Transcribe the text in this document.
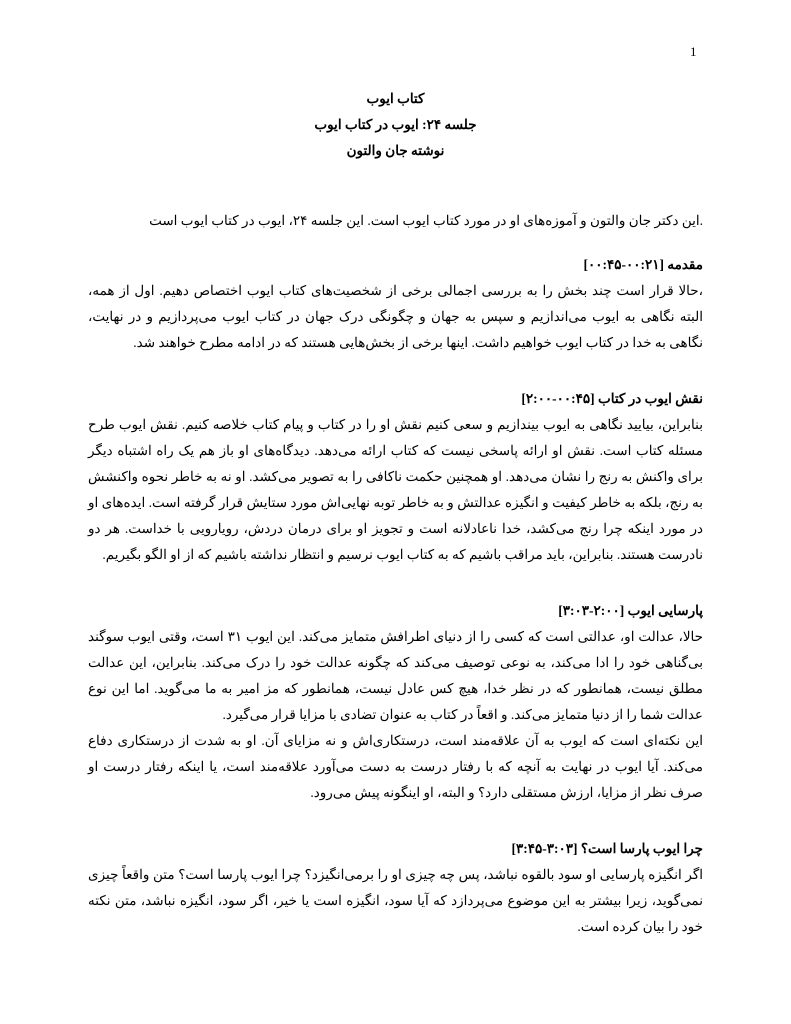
1
کتاب ایوب
جلسه ۲۴: ایوب در کتاب ایوب
نوشته جان والتون

.این دکتر جان والتون و آموزه‌های او در مورد کتاب ایوب است. این جلسه ۲۴، ایوب در کتاب ایوب است

مقدمه [۰۰:۲۱-۰۰:۴۵]

،حالا قرار است چند بخش را به بررسی اجمالی برخی از شخصیت‌های کتاب ایوب اختصاص دهیم. اول از همه، البته نگاهی به ایوب می‌اندازیم و سپس به جهان و چگونگی درک جهان در کتاب ایوب می‌پردازیم و در نهایت، نگاهی به خدا در کتاب ایوب خواهیم داشت. اینها برخی از بخش‌هایی هستند که در ادامه مطرح خواهند شد.

نقش ایوب در کتاب [۰۰:۴۵-۲:۰۰]

بنابراین، بیایید نگاهی به ایوب بیندازیم و سعی کنیم نقش او را در کتاب و پیام کتاب خلاصه کنیم. نقش ایوب طرح مسئله کتاب است. نقش او ارائه پاسخی نیست که کتاب ارائه می‌دهد. دیدگاه‌های او باز هم یک راه اشتباه دیگر برای واکنش به رنج را نشان می‌دهد. او همچنین حکمت ناکافی را به تصویر می‌کشد. او نه به خاطر نحوه واکنشش به رنج، بلکه به خاطر کیفیت و انگیزه عدالتش و به خاطر توبه نهایی‌اش مورد ستایش قرار گرفته است. ایده‌های او در مورد اینکه چرا رنج می‌کشد، خدا ناعادلانه است و تجویز او برای درمان دردش، رویارویی با خداست. هر دو نادرست هستند. بنابراین، باید مراقب باشیم که به کتاب ایوب نرسیم و انتظار نداشته باشیم که از او الگو بگیریم.

پارسایی ایوب [۲:۰۰-۳:۰۳]

حالا، عدالت او، عدالتی است که کسی را از دنیای اطرافش متمایز می‌کند. این ایوب ۳۱ است، وقتی ایوب سوگند بی‌گناهی خود را ادا می‌کند، به نوعی توصیف می‌کند که چگونه عدالت خود را درک می‌کند. بنابراین، این عدالت مطلق نیست، همانطور که در نظر خدا، هیچ کس عادل نیست، همانطور که مز امیر به ما می‌گوید. اما این نوع عدالت شما را از دنیا متمایز می‌کند. و اقعاً در کتاب به عنوان تضادی با مزایا قرار می‌گیرد.

این نکته‌ای است که ایوب به آن علاقه‌مند است، درستکاری‌اش و نه مزایای آن. او به شدت از درستکاری دفاع می‌کند. آیا ایوب در نهایت به آنچه که با رفتار درست به دست می‌آورد علاقه‌مند است، یا اینکه رفتار درست او صرف نظر از مزایا، ارزش مستقلی دارد؟ و البته، او اینگونه پیش می‌رود.

چرا ایوب پارسا است؟ [۳:۰۳-۳:۴۵]

اگر انگیزه پارسایی او سود بالقوه نباشد، پس چه چیزی او را برمی‌انگیزد؟ چرا ایوب پارسا است؟ متن واقعاً چیزی نمی‌گوید، زیرا بیشتر به این موضوع می‌پردازد که آیا سود، انگیزه است یا خیر، اگر سود، انگیزه نباشد، متن نکته خود را بیان کرده است.
